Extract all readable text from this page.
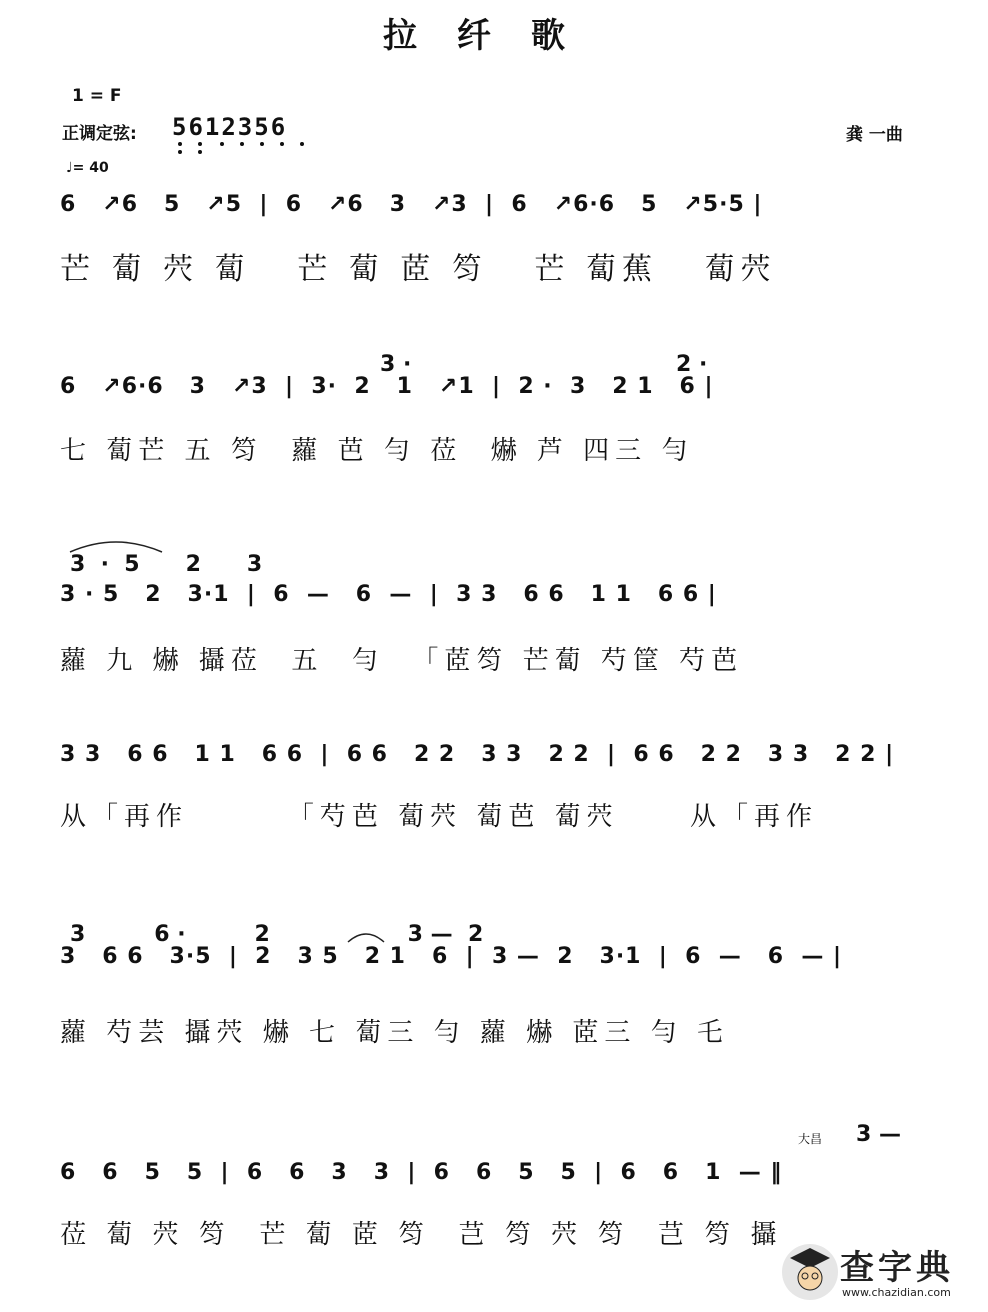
拉纤歌
1 = F
正调定弦: 5612356
♩= 40
龚 一曲
6   ↗6   5   ↗5  |  6   ↗6   3   ↗3  |  6   ↗6·6   5   ↗5·5 |
芒 蔔 茓 蔔   芒 蔔 茝 笉   芒 蔔蕉   蔔茓
3 ·	2 ·
6   ↗6·6   3   ↗3  |  3·  2   1   ↗1  |  2 ·  3   2 1   6 |
七 蔔芒 五 笉  蘿 芭 勻 莅  爀 芦 四三 勻
3  ·  5      2      3
3 · 5   2   3·1  |  6  —   6  —  |  3 3   6 6   1 1   6 6 |
蘿 九 爀 攝莅  五  勻  「茝笉 芒蔔 芍筐 芍芭
3 3   6 6   1 1   6 6  |  6 6   2 2   3 3   2 2  |  6 6   2 2   3 3   2 2 |
从「再作       「芍芭 蔔茓 蔔芭 蔔茓     从「再作
3         6 ·         2                  3 —  2
3   6 6   3·5  |  2   3 5   2 1   6  |  3 —  2   3·1  |  6  —   6  — |
蘿 芍芸 攝茓 爀 七 蔔三 勻 蘿 爀 茝三 勻 乇
大昌 3 —
6   6   5   5  |  6   6   3   3  |  6   6   5   5  |  6   6   1  — ‖
莅 蔔 茓 笉  芒 蔔 茝 笉  芑 笉 茓 笉  芑 笉 攝
查字典
www.chazidian.com
